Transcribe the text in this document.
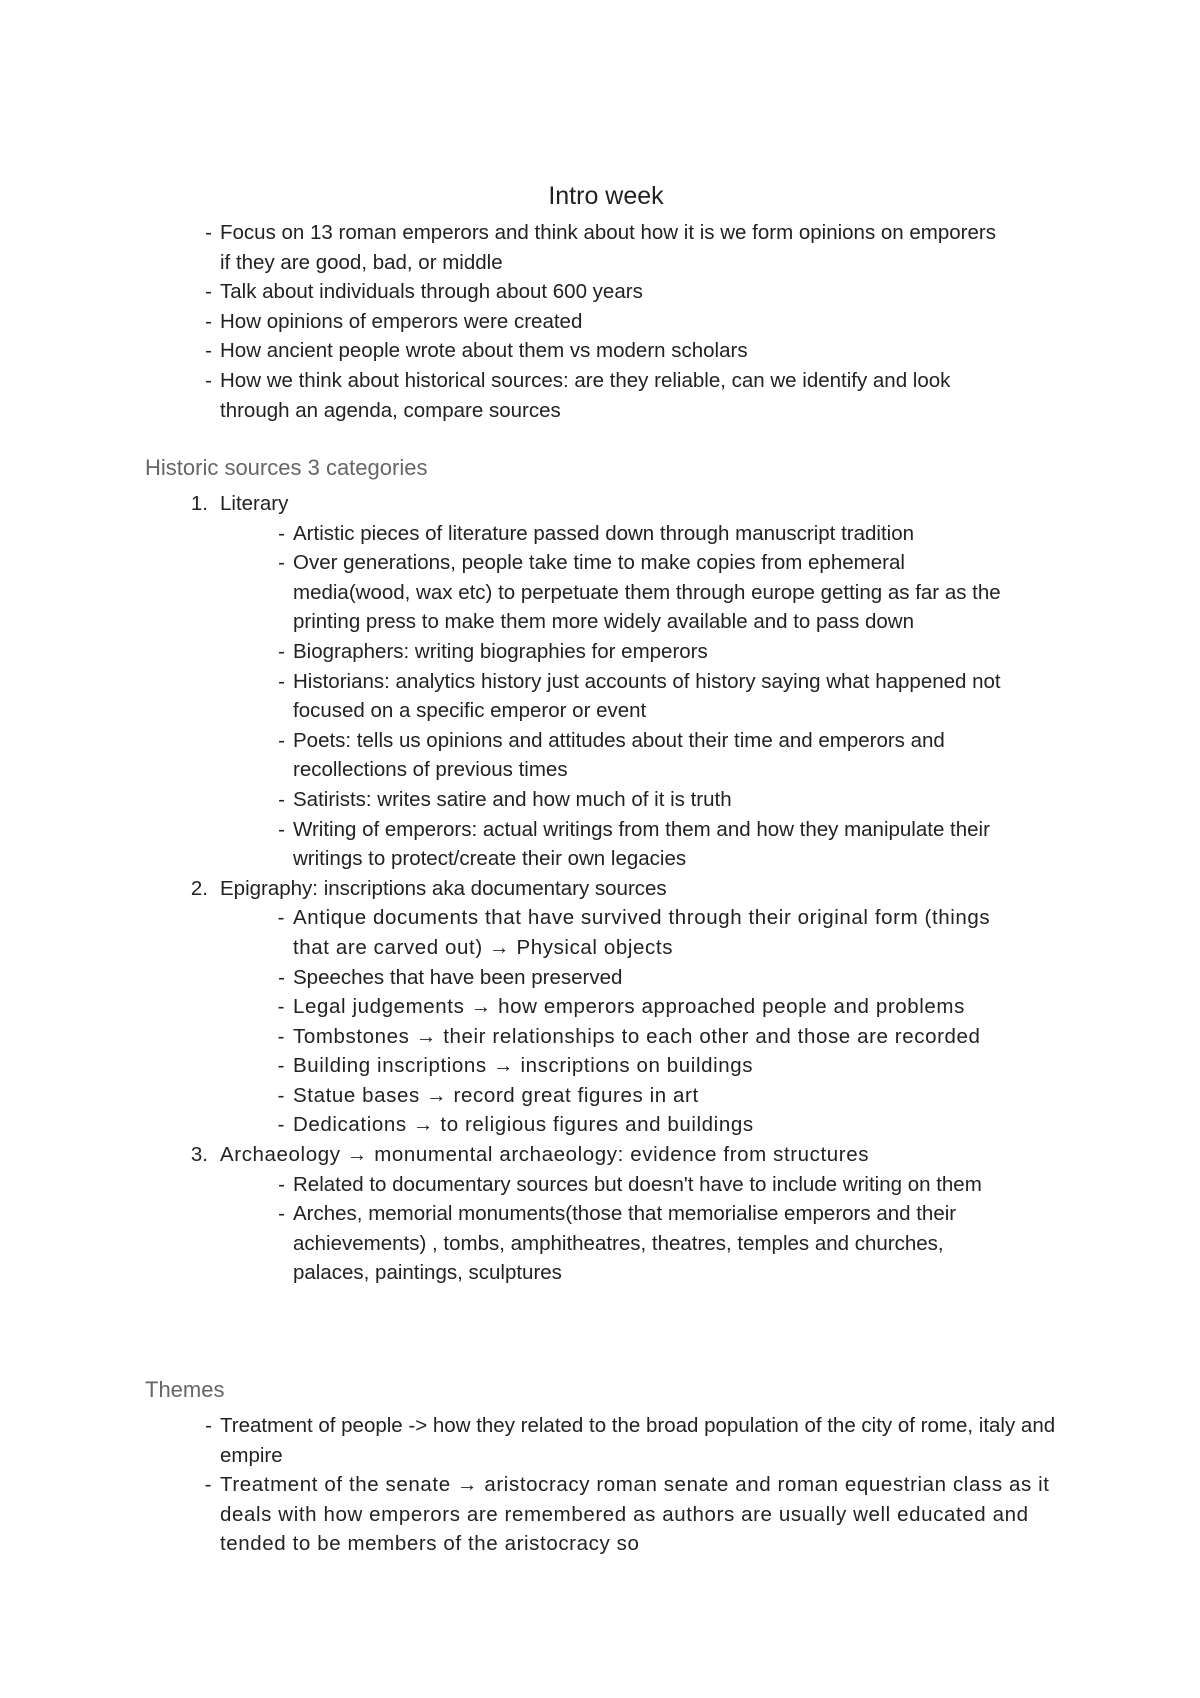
Intro week
- Focus on 13 roman emperors and think about how it is we form opinions on emporers if they are good, bad, or middle
- Talk about individuals through about 600 years
- How opinions of emperors were created
- How ancient people wrote about them vs modern scholars
- How we think about historical sources: are they reliable, can we identify and look through an agenda, compare sources
Historic sources 3 categories
1. Literary
- Artistic pieces of literature passed down through manuscript tradition
- Over generations, people take time to make copies from ephemeral media(wood, wax etc) to perpetuate them through europe getting as far as the printing press to make them more widely available and to pass down
- Biographers: writing biographies for emperors
- Historians: analytics history just accounts of history saying what happened not focused on a specific emperor or event
- Poets: tells us opinions and attitudes about their time and emperors and recollections of previous times
- Satirists: writes satire and how much of it is truth
- Writing of emperors: actual writings from them and how they manipulate their writings to protect/create their own legacies
2. Epigraphy: inscriptions aka documentary sources
- Antique documents that have survived through their original form (things that are carved out) → Physical objects
- Speeches that have been preserved
- Legal judgements → how emperors approached people and problems
- Tombstones → their relationships to each other and those are recorded
- Building inscriptions → inscriptions on buildings
- Statue bases → record great figures in art
- Dedications → to religious figures and buildings
3. Archaeology → monumental archaeology: evidence from structures
- Related to documentary sources but doesn't have to include writing on them
- Arches, memorial monuments(those that memorialise emperors and their achievements) , tombs, amphitheatres, theatres, temples and churches, palaces, paintings, sculptures
Themes
- Treatment of people -> how they related to the broad population of the city of rome, italy and empire
- Treatment of the senate → aristocracy roman senate and roman equestrian class as it deals with how emperors are remembered as authors are usually well educated and tended to be members of the aristocracy so
